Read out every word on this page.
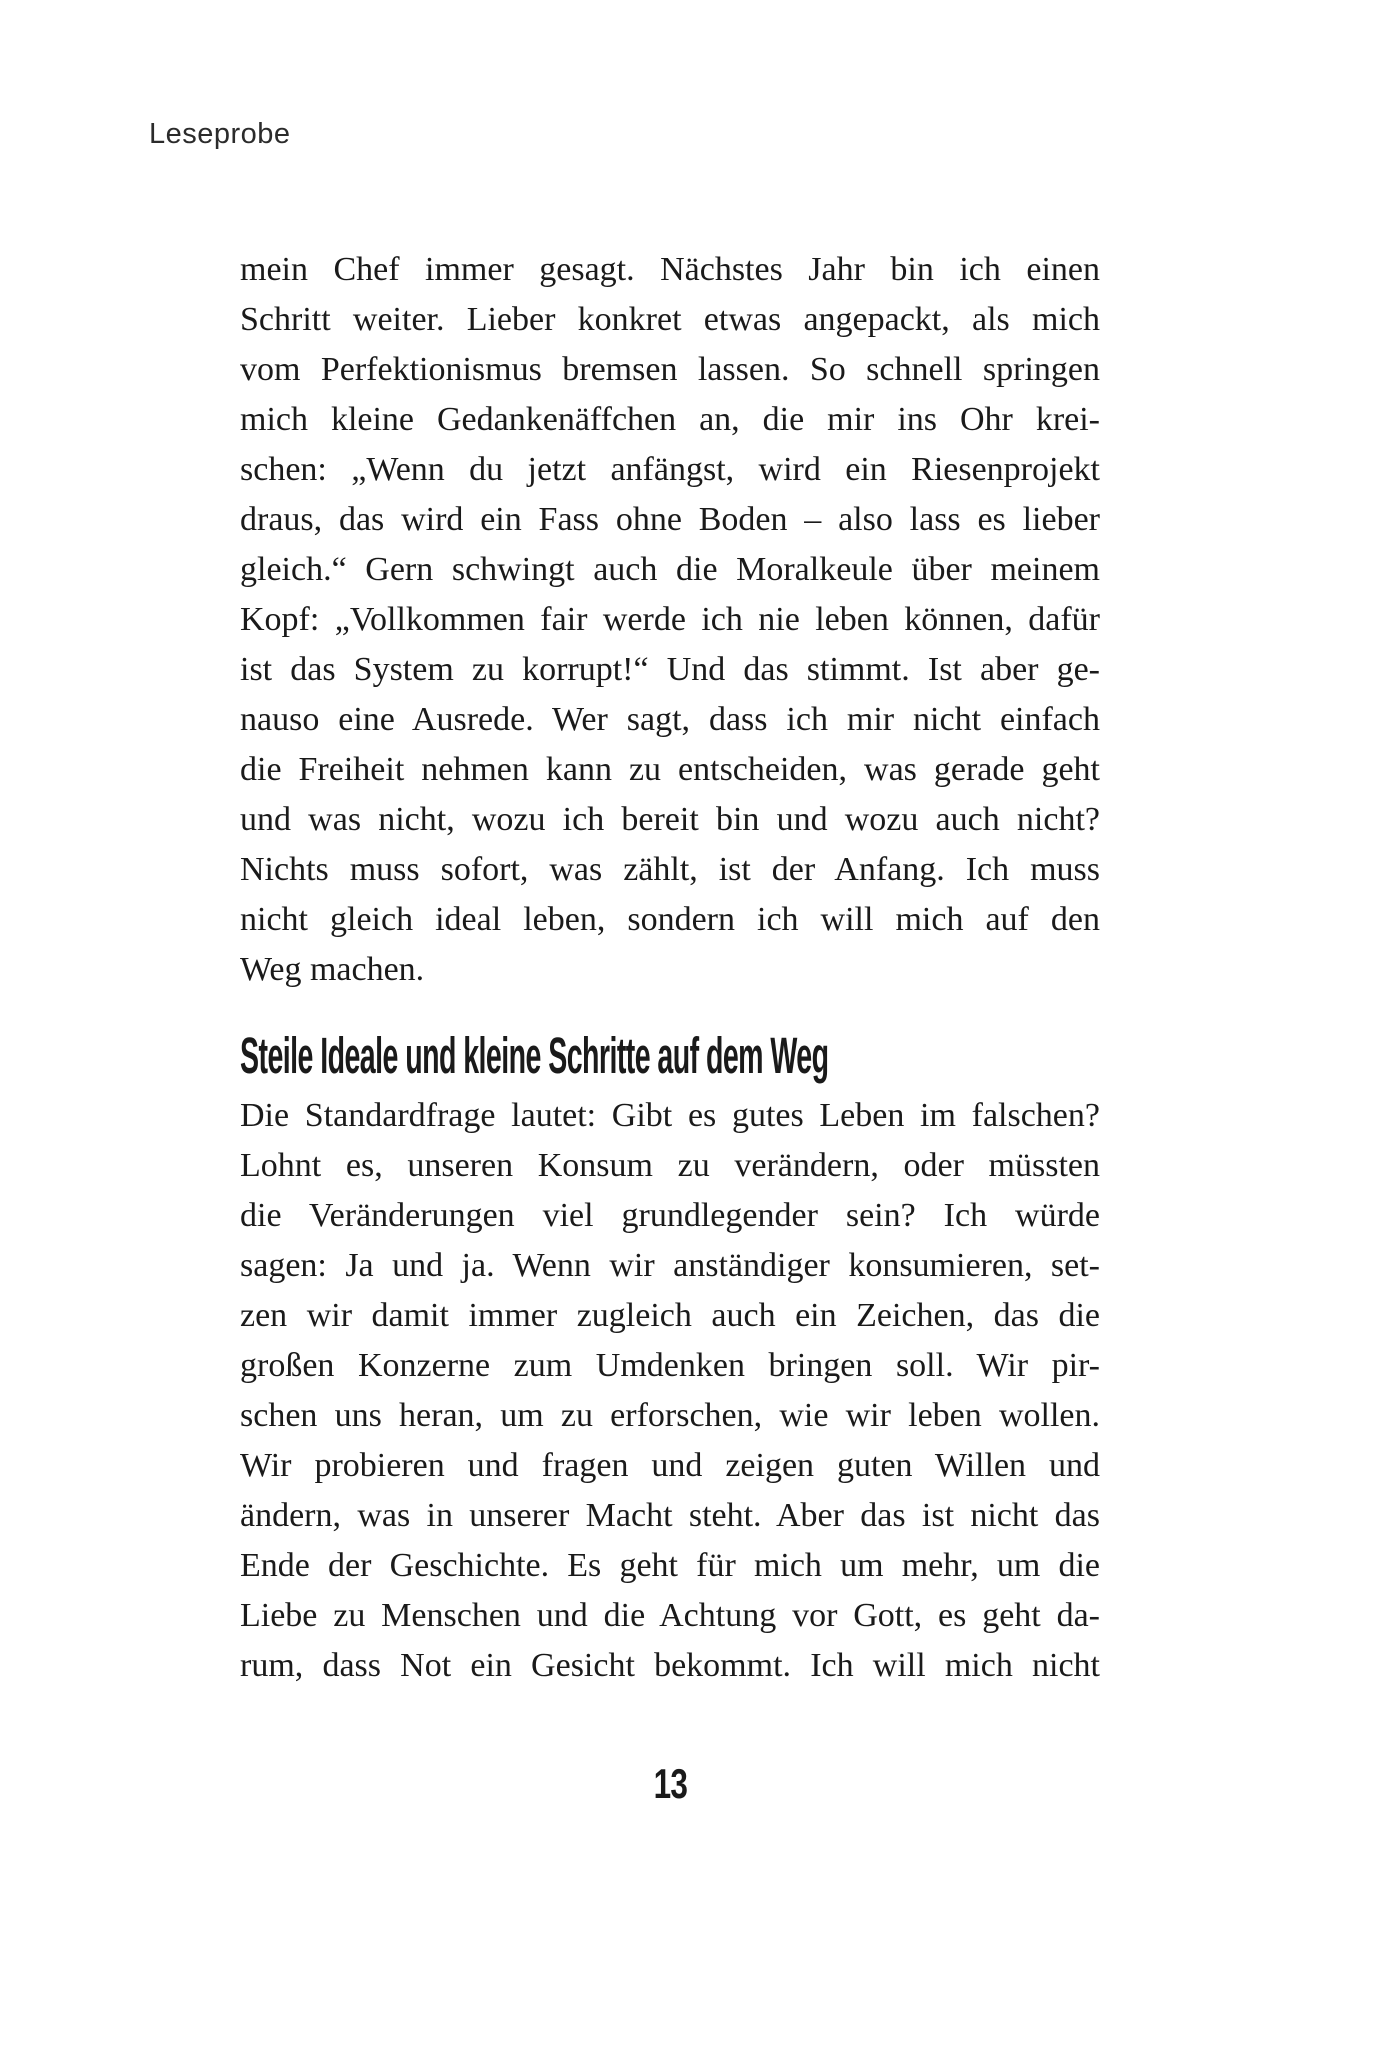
Leseprobe
mein Chef immer gesagt. Nächstes Jahr bin ich einen
Schritt weiter. Lieber konkret etwas angepackt, als mich
vom Perfektionismus bremsen lassen. So schnell springen
mich kleine Gedankenäffchen an, die mir ins Ohr krei-
schen: „Wenn du jetzt anfängst, wird ein Riesenprojekt
draus, das wird ein Fass ohne Boden – also lass es lieber
gleich.“ Gern schwingt auch die Moralkeule über meinem
Kopf: „Vollkommen fair werde ich nie leben können, dafür
ist das System zu korrupt!“ Und das stimmt. Ist aber ge-
nauso eine Ausrede. Wer sagt, dass ich mir nicht einfach
die Freiheit nehmen kann zu entscheiden, was gerade geht
und was nicht, wozu ich bereit bin und wozu auch nicht?
Nichts muss sofort, was zählt, ist der Anfang. Ich muss
nicht gleich ideal leben, sondern ich will mich auf den
Weg machen.
Steile Ideale und kleine Schritte auf dem Weg
Die Standardfrage lautet: Gibt es gutes Leben im falschen?
Lohnt es, unseren Konsum zu verändern, oder müssten
die Veränderungen viel grundlegender sein? Ich würde
sagen: Ja und ja. Wenn wir anständiger konsumieren, set-
zen wir damit immer zugleich auch ein Zeichen, das die
großen Konzerne zum Umdenken bringen soll. Wir pir-
schen uns heran, um zu erforschen, wie wir leben wollen.
Wir probieren und fragen und zeigen guten Willen und
ändern, was in unserer Macht steht. Aber das ist nicht das
Ende der Geschichte. Es geht für mich um mehr, um die
Liebe zu Menschen und die Achtung vor Gott, es geht da-
rum, dass Not ein Gesicht bekommt. Ich will mich nicht
13
